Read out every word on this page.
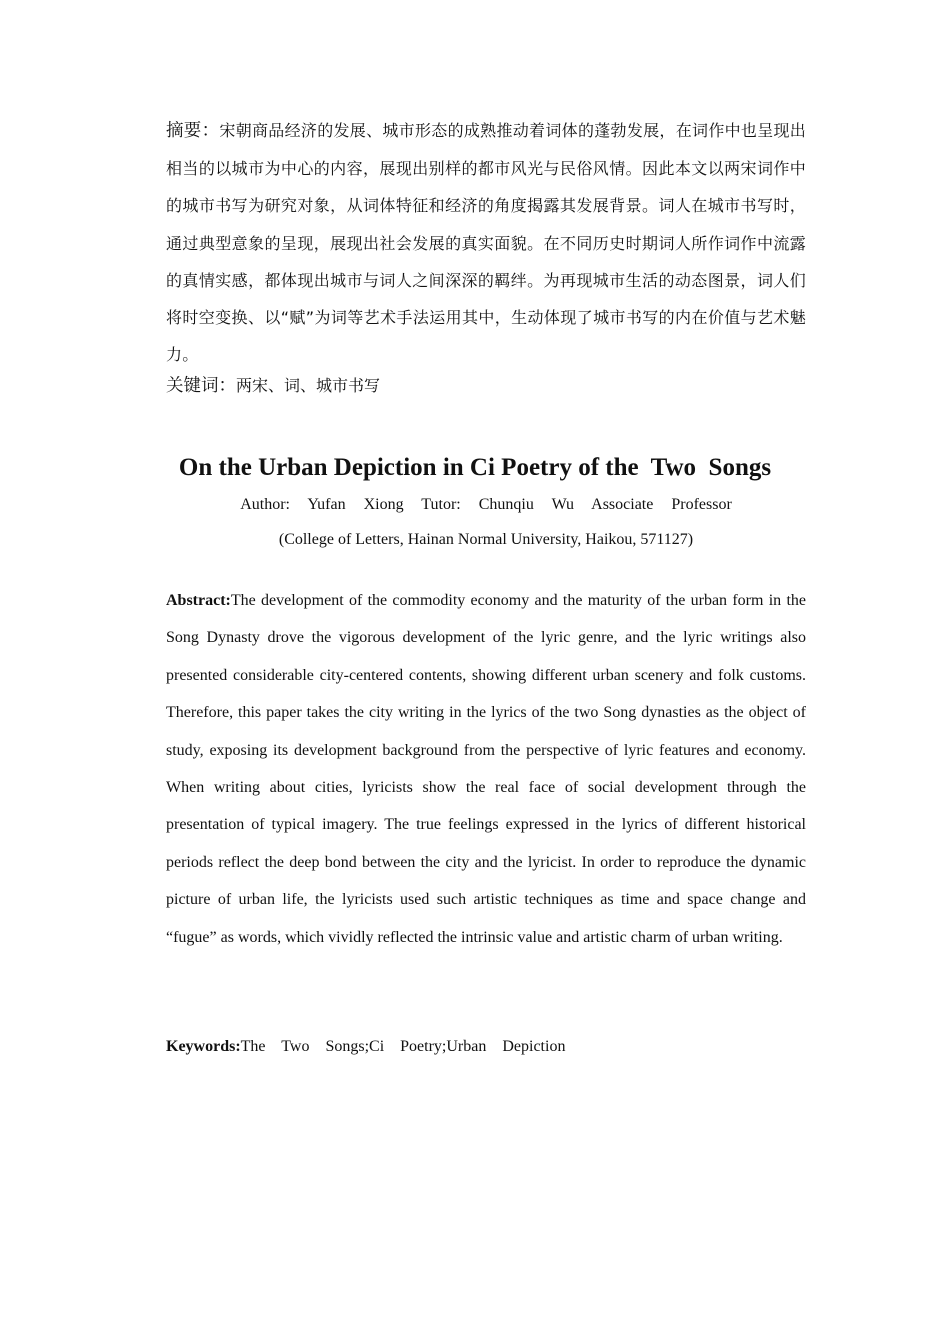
摘要：宋朝商品经济的发展、城市形态的成熟推动着词体的蓬勃发展，在词作中也呈现出相当的以城市为中心的内容，展现出别样的都市风光与民俗风情。因此本文以两宋词作中的城市书写为研究对象，从词体特征和经济的角度揭露其发展背景。词人在城市书写时，通过典型意象的呈现，展现出社会发展的真实面貌。在不同历史时期词人所作词作中流露的真情实感，都体现出城市与词人之间深深的羁绊。为再现城市生活的动态图景，词人们将时空变换、以“赋”为词等艺术手法运用其中，生动体现了城市书写的内在价值与艺术魅力。
关键词：两宋、词、城市书写
On the Urban Depiction in Ci Poetry of the  Two  Songs
Author:  Yufan  Xiong  Tutor:  Chunqiu  Wu  Associate  Professor
(College of Letters, Hainan Normal University, Haikou, 571127)
Abstract:The development of the commodity economy and the maturity of the urban form in the Song Dynasty drove the vigorous development of the lyric genre, and the lyric writings also presented considerable city-centered contents, showing different urban scenery and folk customs. Therefore, this paper takes the city writing in the lyrics of the two Song dynasties as the object of study, exposing its development background from the perspective of lyric features and economy. When writing about cities, lyricists show the real face of social development through the presentation of typical imagery. The true feelings expressed in the lyrics of different historical periods reflect the deep bond between the city and the lyricist. In order to reproduce the dynamic picture of urban life, the lyricists used such artistic techniques as time and space change and “fugue” as words, which vividly reflected the intrinsic value and artistic charm of urban writing.
Keywords:The  Two  Songs;Ci  Poetry;Urban  Depiction
